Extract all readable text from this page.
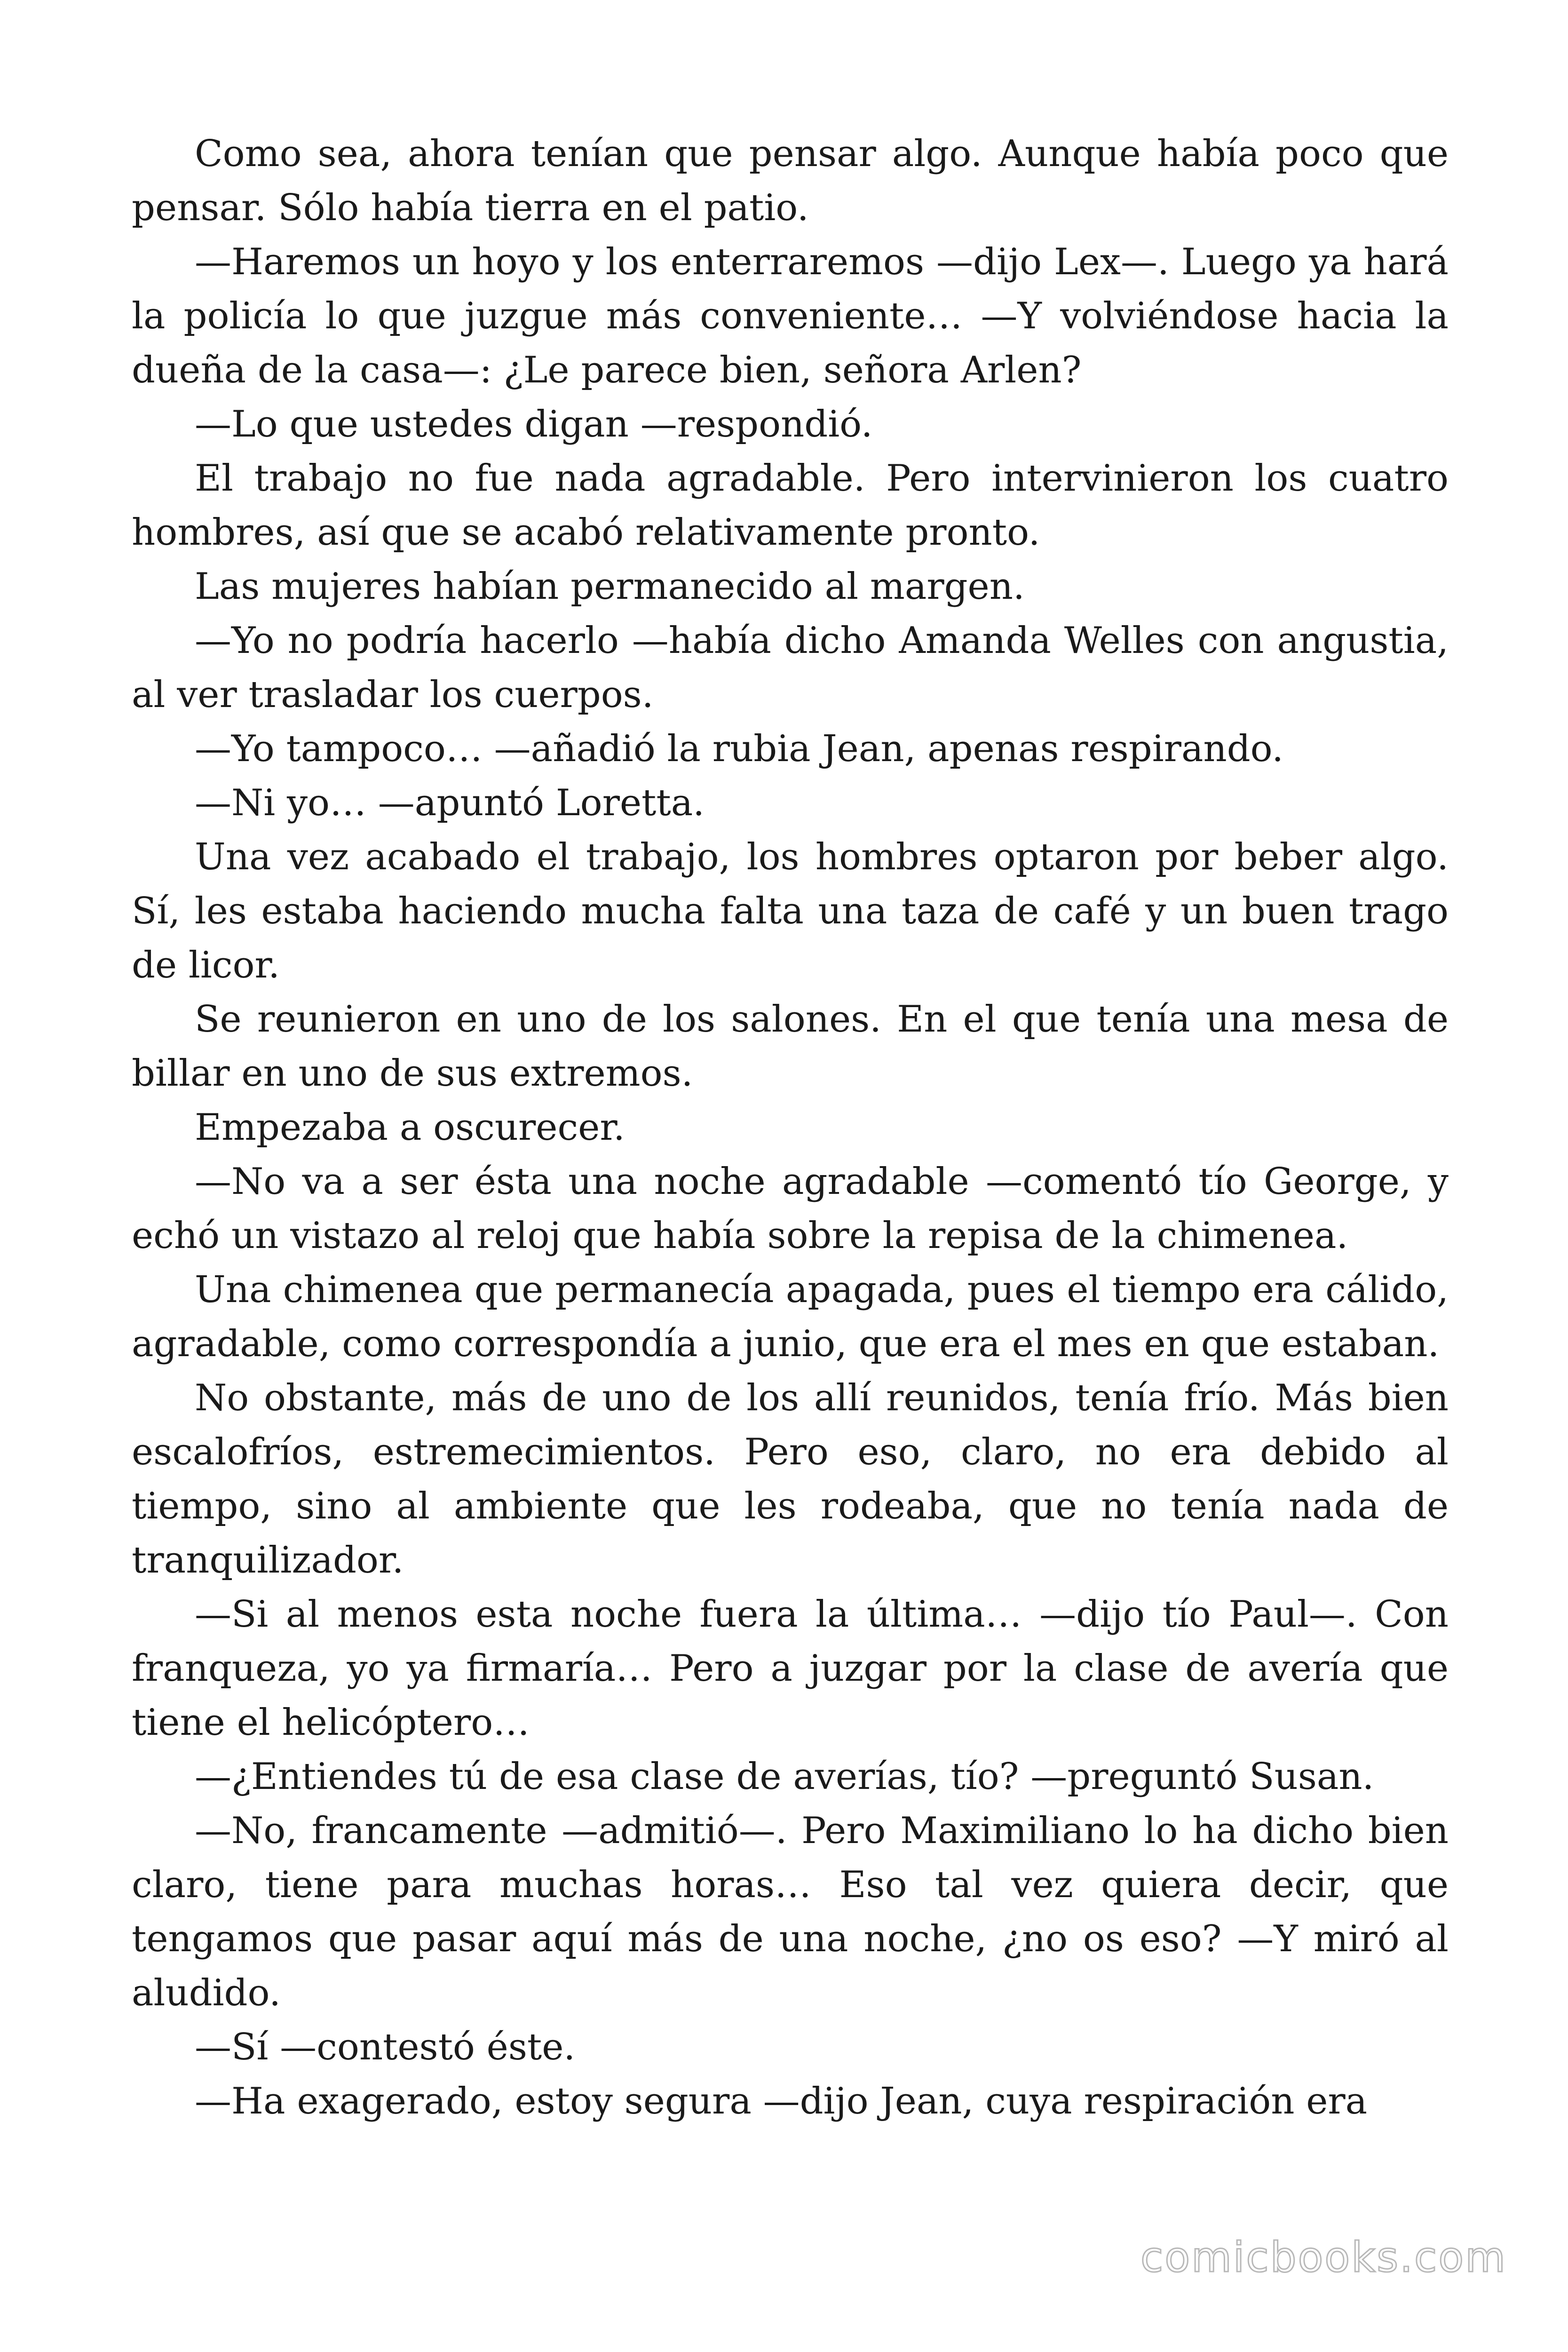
Como sea, ahora tenían que pensar algo. Aunque había poco que pensar. Sólo había tierra en el patio.

—Haremos un hoyo y los enterraremos —dijo Lex—. Luego ya hará la policía lo que juzgue más conveniente… —Y volviéndose hacia la dueña de la casa—: ¿Le parece bien, señora Arlen?

—Lo que ustedes digan —respondió.

El trabajo no fue nada agradable. Pero intervinieron los cuatro hombres, así que se acabó relativamente pronto.

Las mujeres habían permanecido al margen.

—Yo no podría hacerlo —había dicho Amanda Welles con angustia, al ver trasladar los cuerpos.

—Yo tampoco… —añadió la rubia Jean, apenas respirando.

—Ni yo… —apuntó Loretta.

Una vez acabado el trabajo, los hombres optaron por beber algo. Sí, les estaba haciendo mucha falta una taza de café y un buen trago de licor.

Se reunieron en uno de los salones. En el que tenía una mesa de billar en uno de sus extremos.

Empezaba a oscurecer.

—No va a ser ésta una noche agradable —comentó tío George, y echó un vistazo al reloj que había sobre la repisa de la chimenea.

Una chimenea que permanecía apagada, pues el tiempo era cálido, agradable, como correspondía a junio, que era el mes en que estaban.

No obstante, más de uno de los allí reunidos, tenía frío. Más bien escalofríos, estremecimientos. Pero eso, claro, no era debido al tiempo, sino al ambiente que les rodeaba, que no tenía nada de tranquilizador.

—Si al menos esta noche fuera la última… —dijo tío Paul—. Con franqueza, yo ya firmaría… Pero a juzgar por la clase de avería que tiene el helicóptero…

—¿Entiendes tú de esa clase de averías, tío? —preguntó Susan.

—No, francamente —admitió—. Pero Maximiliano lo ha dicho bien claro, tiene para muchas horas… Eso tal vez quiera decir, que tengamos que pasar aquí más de una noche, ¿no os eso? —Y miró al aludido.

—Sí —contestó éste.

—Ha exagerado, estoy segura —dijo Jean, cuya respiración era

comicbooks.com
